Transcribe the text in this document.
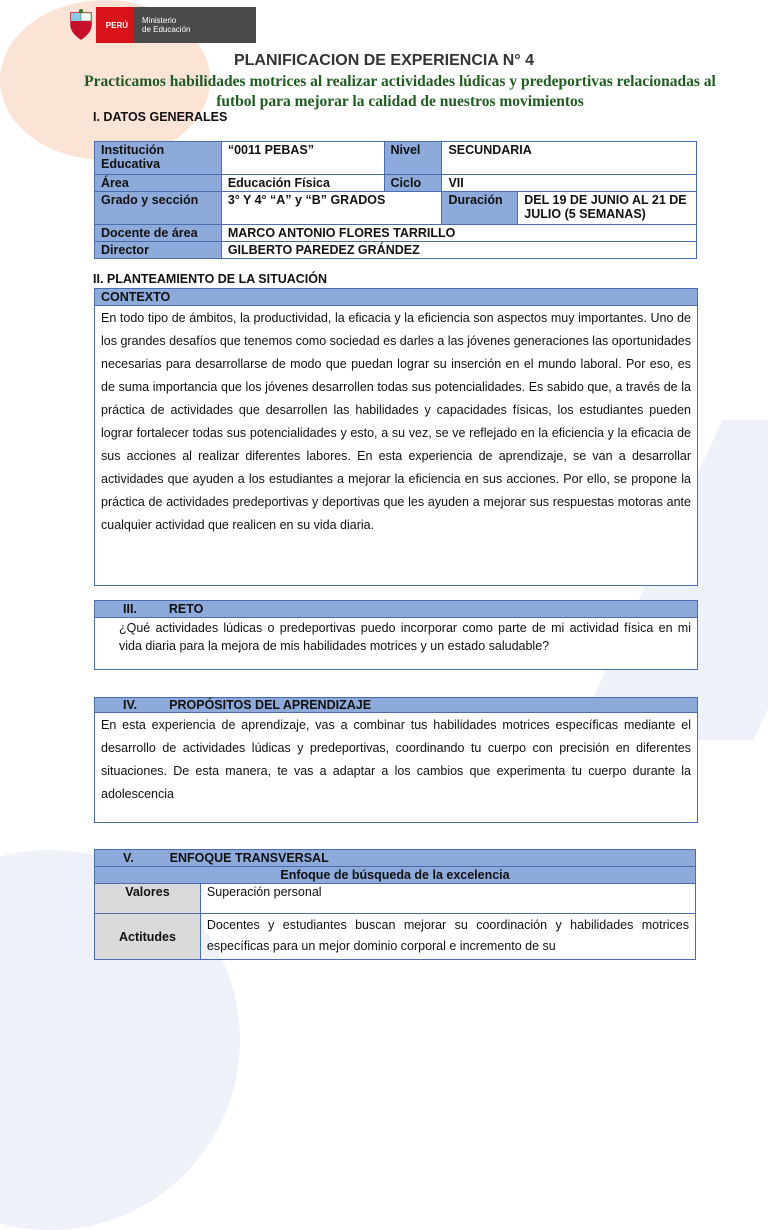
PERÚ	Ministerio
de Educación
PLANIFICACION DE EXPERIENCIA N° 4
Practicamos habilidades motrices al realizar actividades lúdicas y predeportivas relacionadas al futbol para mejorar la calidad de nuestros movimientos
I. DATOS GENERALES
Institución Educativa	“0011 PEBAS”	Nivel	SECUNDARIA	
Área	Educación Física	Ciclo	VII	
Grado y sección	3° Y 4° “A” y “B” GRADOS		Duración	DEL 19 DE JUNIO AL 21 DE JULIO (5 SEMANAS)
Docente de área	MARCO ANTONIO FLORES TARRILLO			
Director	GILBERTO PAREDEZ GRÁNDEZ			
II. PLANTEAMIENTO DE LA SITUACIÓN
CONTEXTO
En todo tipo de ámbitos, la productividad, la eficacia y la eficiencia son aspectos muy importantes. Uno de los grandes desafíos que tenemos como sociedad es darles a las jóvenes generaciones las oportunidades necesarias para desarrollarse de modo que puedan lograr su inserción en el mundo laboral. Por eso, es de suma importancia que los jóvenes desarrollen todas sus potencialidades. Es sabido que, a través de la práctica de actividades que desarrollen las habilidades y capacidades físicas, los estudiantes pueden lograr fortalecer todas sus potencialidades y esto, a su vez, se ve reflejado en la eficiencia y la eficacia de sus acciones al realizar diferentes labores. En esta experiencia de aprendizaje, se van a desarrollar actividades que ayuden a los estudiantes a mejorar la eficiencia en sus acciones. Por ello, se propone la práctica de actividades predeportivas y deportivas que les ayuden a mejorar sus respuestas motoras ante cualquier actividad que realicen en su vida diaria.
III.	RETO
¿Qué actividades lúdicas o predeportivas puedo incorporar como parte de mi actividad física en mi vida diaria para la mejora de mis habilidades motrices y un estado saludable?
IV.	PROPÓSITOS DEL APRENDIZAJE
En esta experiencia de aprendizaje, vas a combinar tus habilidades motrices específicas mediante el desarrollo de actividades lúdicas y predeportivas, coordinando tu cuerpo con precisión en diferentes situaciones. De esta manera, te vas a adaptar a los cambios que experimenta tu cuerpo durante la adolescencia
V. ENFOQUE TRANSVERSAL	
Enfoque de búsqueda de la excelencia	
Valores	Superación personal
Actitudes	Docentes y estudiantes buscan mejorar su coordinación y habilidades motrices específicas para un mejor dominio corporal e incremento de su
